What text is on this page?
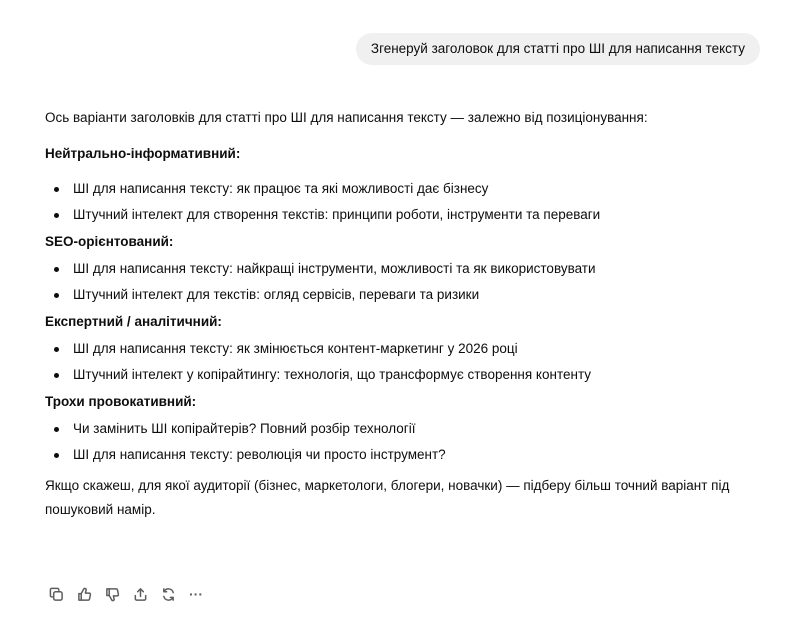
Згенеруй заголовок для статті про ШІ для написання тексту

Ось варіанти заголовків для статті про ШІ для написання тексту — залежно від позиціонування:

Нейтрально-інформативний:

ШІ для написання тексту: як працює та які можливості дає бізнесу
Штучний інтелект для створення текстів: принципи роботи, інструменти та переваги

SEO-орієнтований:

ШІ для написання тексту: найкращі інструменти, можливості та як використовувати
Штучний інтелект для текстів: огляд сервісів, переваги та ризики

Експертний / аналітичний:

ШІ для написання тексту: як змінюється контент-маркетинг у 2026 році
Штучний інтелект у копірайтингу: технологія, що трансформує створення контенту

Трохи провокативний:

Чи замінить ШІ копірайтерів? Повний розбір технології
ШІ для написання тексту: революція чи просто інструмент?

Якщо скажеш, для якої аудиторії (бізнес, маркетологи, блогери, новачки) — підберу більш точний варіант під пошуковий намір.

···
